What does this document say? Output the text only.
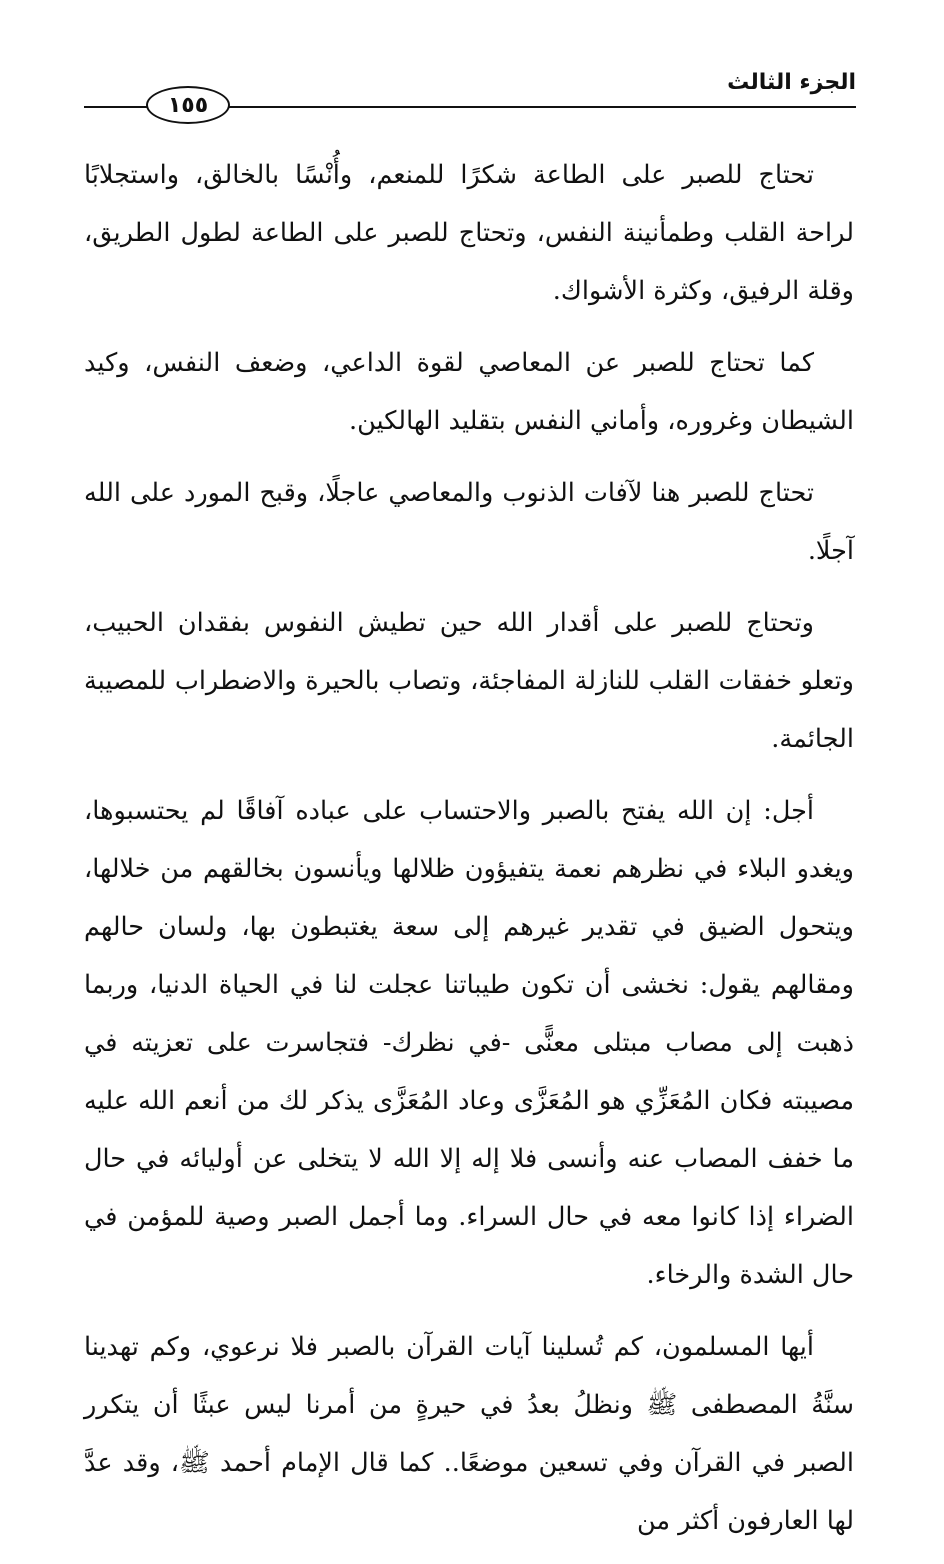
الجزء الثالث
١٥٥

تحتاج للصبر على الطاعة شكرًا للمنعم، وأُنْسًا بالخالق، واستجلابًا لراحة القلب وطمأنينة النفس، وتحتاج للصبر على الطاعة لطول الطريق، وقلة الرفيق، وكثرة الأشواك.

كما تحتاج للصبر عن المعاصي لقوة الداعي، وضعف النفس، وكيد الشيطان وغروره، وأماني النفس بتقليد الهالكين.

تحتاج للصبر هنا لآفات الذنوب والمعاصي عاجلًا، وقبح المورد على الله آجلًا.

وتحتاج للصبر على أقدار الله حين تطيش النفوس بفقدان الحبيب، وتعلو خفقات القلب للنازلة المفاجئة، وتصاب بالحيرة والاضطراب للمصيبة الجائمة.

أجل: إن الله يفتح بالصبر والاحتساب على عباده آفاقًا لم يحتسبوها، ويغدو البلاء في نظرهم نعمة يتفيؤون ظلالها ويأنسون بخالقهم من خلالها، ويتحول الضيق في تقدير غيرهم إلى سعة يغتبطون بها، ولسان حالهم ومقالهم يقول: نخشى أن تكون طيباتنا عجلت لنا في الحياة الدنيا، وربما ذهبت إلى مصاب مبتلى معنًّى -في نظرك- فتجاسرت على تعزيته في مصيبته فكان المُعَزِّي هو المُعَزَّى وعاد المُعَزَّى يذكر لك من أنعم الله عليه ما خفف المصاب عنه وأنسى فلا إله إلا الله لا يتخلى عن أوليائه في حال الضراء إذا كانوا معه في حال السراء. وما أجمل الصبر وصية للمؤمن في حال الشدة والرخاء.

أيها المسلمون، كم تُسلينا آيات القرآن بالصبر فلا نرعوي، وكم تهدينا سنَّةُ المصطفى ﷺ ونظلُ بعدُ في حيرةٍ من أمرنا ليس عبثًا أن يتكرر الصبر في القرآن وفي تسعين موضعًا.. كما قال الإمام أحمد ﷺ، وقد عدَّ لها العارفون أكثر من
